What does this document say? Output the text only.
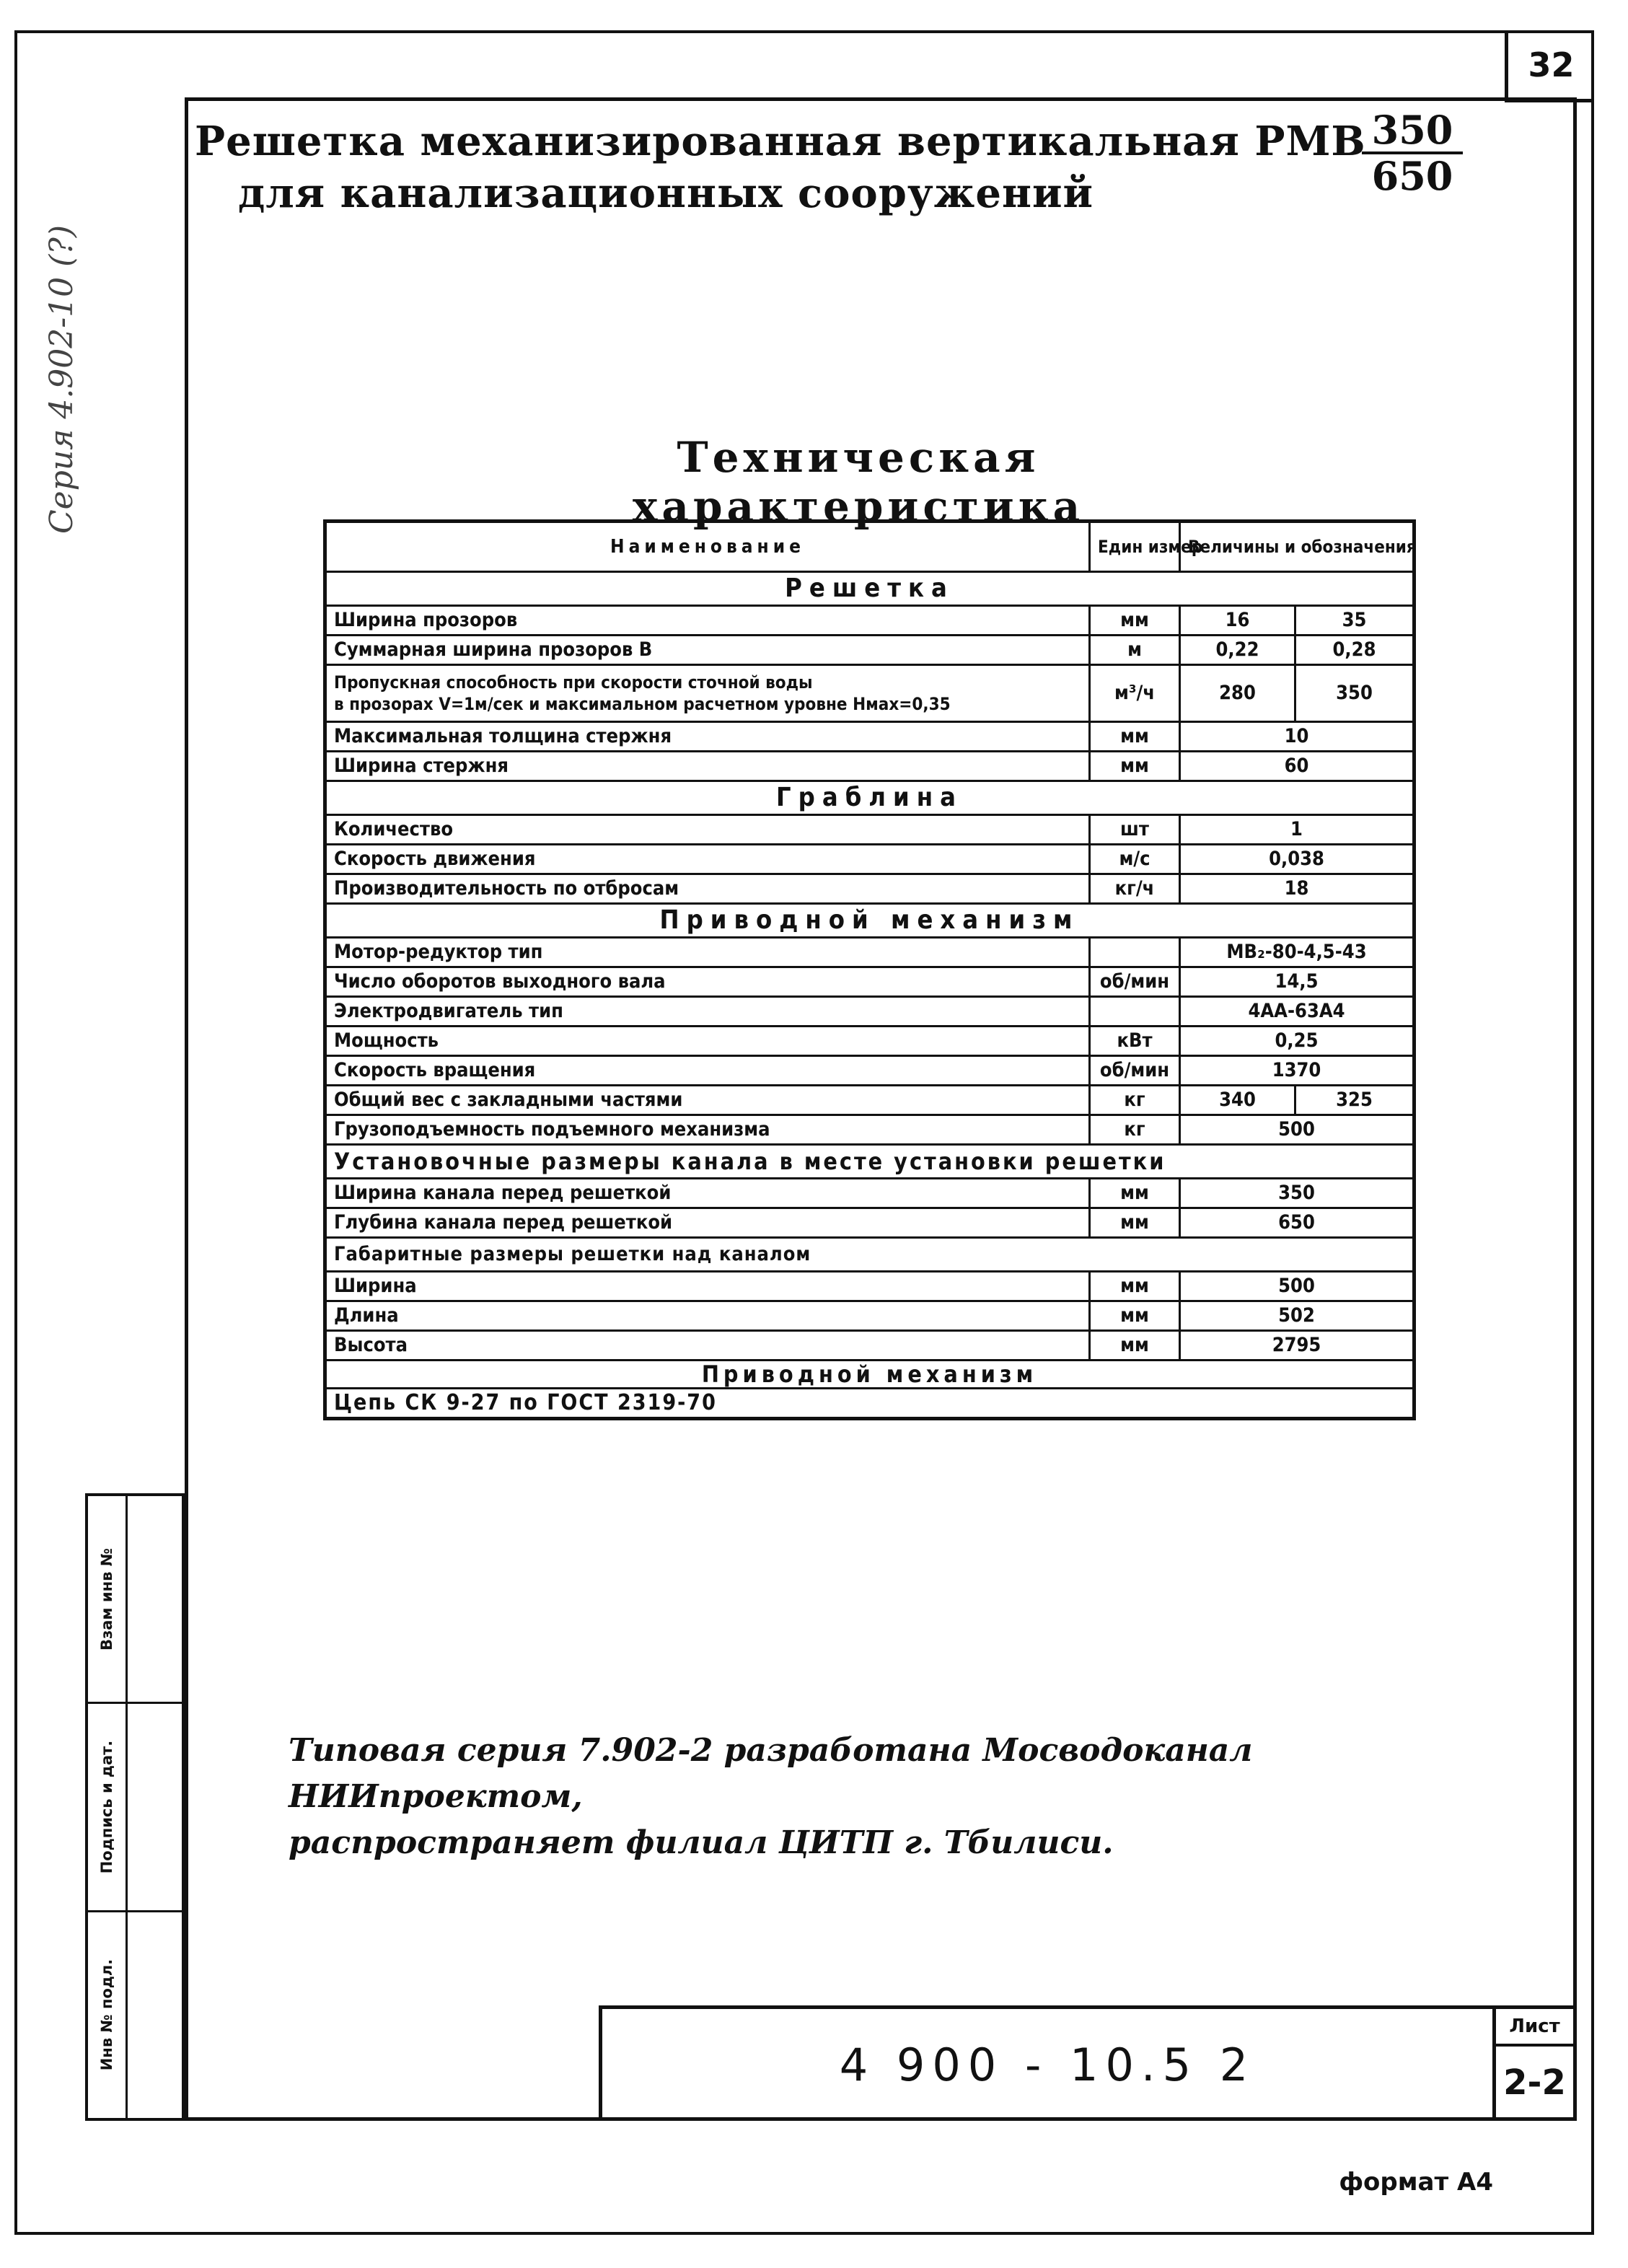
32
Серия 4.902-10 (?)
Взам инв №
Подпись и дат.
Инв № подл.
Решетка механизированная вертикальная РМВ
для канализационных сооружений	$\frac{350}{650}$
Техническая характеристика
Наименование	Един измер	Величины и обозначения	
Решетка			
Ширина прозоров	мм	16	35
Суммарная ширина прозоров B	м	0,22	0,28

Пропускная способность при скорости сточной воды
в прозорах V=1м/сек и максимальном расчетном уровне Hмах=0,35	м³/ч	280	350
Максимальная толщина стержня	мм	10	
Ширина стержня	мм	60	
Граблина			
Количество	шт	1	
Скорость движения	м/с	0,038	
Производительность по отбросам	кг/ч	18	
Приводной механизм			
Мотор-редуктор тип		МВ₂-80-4,5-43	
Число оборотов выходного вала	об/мин	14,5	
Электродвигатель тип		4АА-63А4	
Мощность	кВт	0,25	
Скорость вращения	об/мин	1370	
Общий вес с закладными частями	кг	340	325
Грузоподъемность подъемного механизма	кг	500	
Установочные размеры канала в месте установки решетки			
Ширина канала перед решеткой	мм	350	
Глубина канала перед решеткой	мм	650	
Габаритные размеры решетки над каналом			
Ширина	мм	500	
Длина	мм	502	
Высота	мм	2795	
Приводной механизм			
Цепь СК 9-27 по ГОСТ 2319-70			
Типовая серия 7.902-2 разработана Мосводоканал НИИпроектом,
распространяет филиал ЦИТП г. Тбилиси.
4 900 - 10.5 2
Лист
2-2
формат А4
